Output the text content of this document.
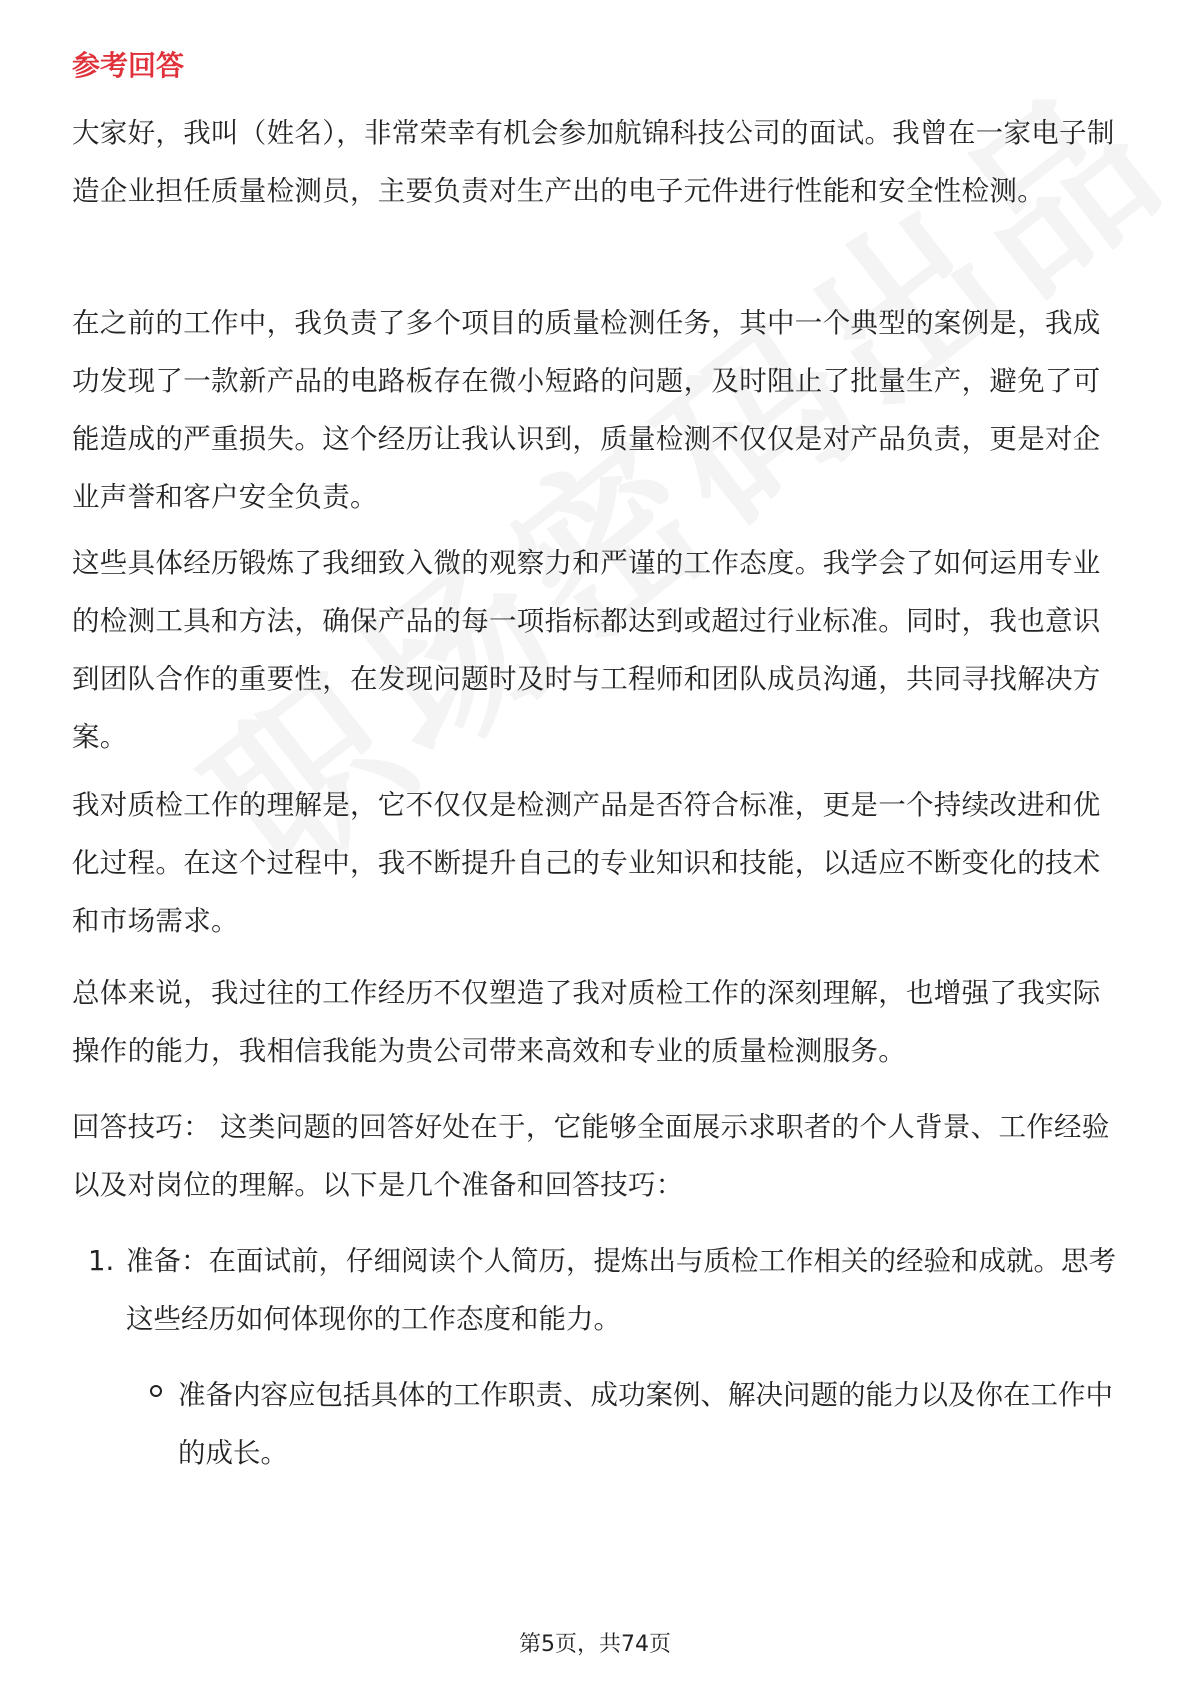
参考回答

大家好，我叫（姓名），非常荣幸有机会参加航锦科技公司的面试。我曾在一家电子制造企业担任质量检测员，主要负责对生产出的电子元件进行性能和安全性检测。

在之前的工作中，我负责了多个项目的质量检测任务，其中一个典型的案例是，我成功发现了一款新产品的电路板存在微小短路的问题，及时阻止了批量生产，避免了可能造成的严重损失。这个经历让我认识到，质量检测不仅仅是对产品负责，更是对企业声誉和客户安全负责。

这些具体经历锻炼了我细致入微的观察力和严谨的工作态度。我学会了如何运用专业的检测工具和方法，确保产品的每一项指标都达到或超过行业标准。同时，我也意识到团队合作的重要性，在发现问题时及时与工程师和团队成员沟通，共同寻找解决方案。

我对质检工作的理解是，它不仅仅是检测产品是否符合标准，更是一个持续改进和优化过程。在这个过程中，我不断提升自己的专业知识和技能，以适应不断变化的技术和市场需求。

总体来说，我过往的工作经历不仅塑造了我对质检工作的深刻理解，也增强了我实际操作的能力，我相信我能为贵公司带来高效和专业的质量检测服务。

回答技巧： 这类问题的回答好处在于，它能够全面展示求职者的个人背景、工作经验以及对岗位的理解。以下是几个准备和回答技巧：

1. 准备：在面试前，仔细阅读个人简历，提炼出与质检工作相关的经验和成就。思考这些经历如何体现你的工作态度和能力。
准备内容应包括具体的工作职责、成功案例、解决问题的能力以及你在工作中的成长。
第5页，共74页
